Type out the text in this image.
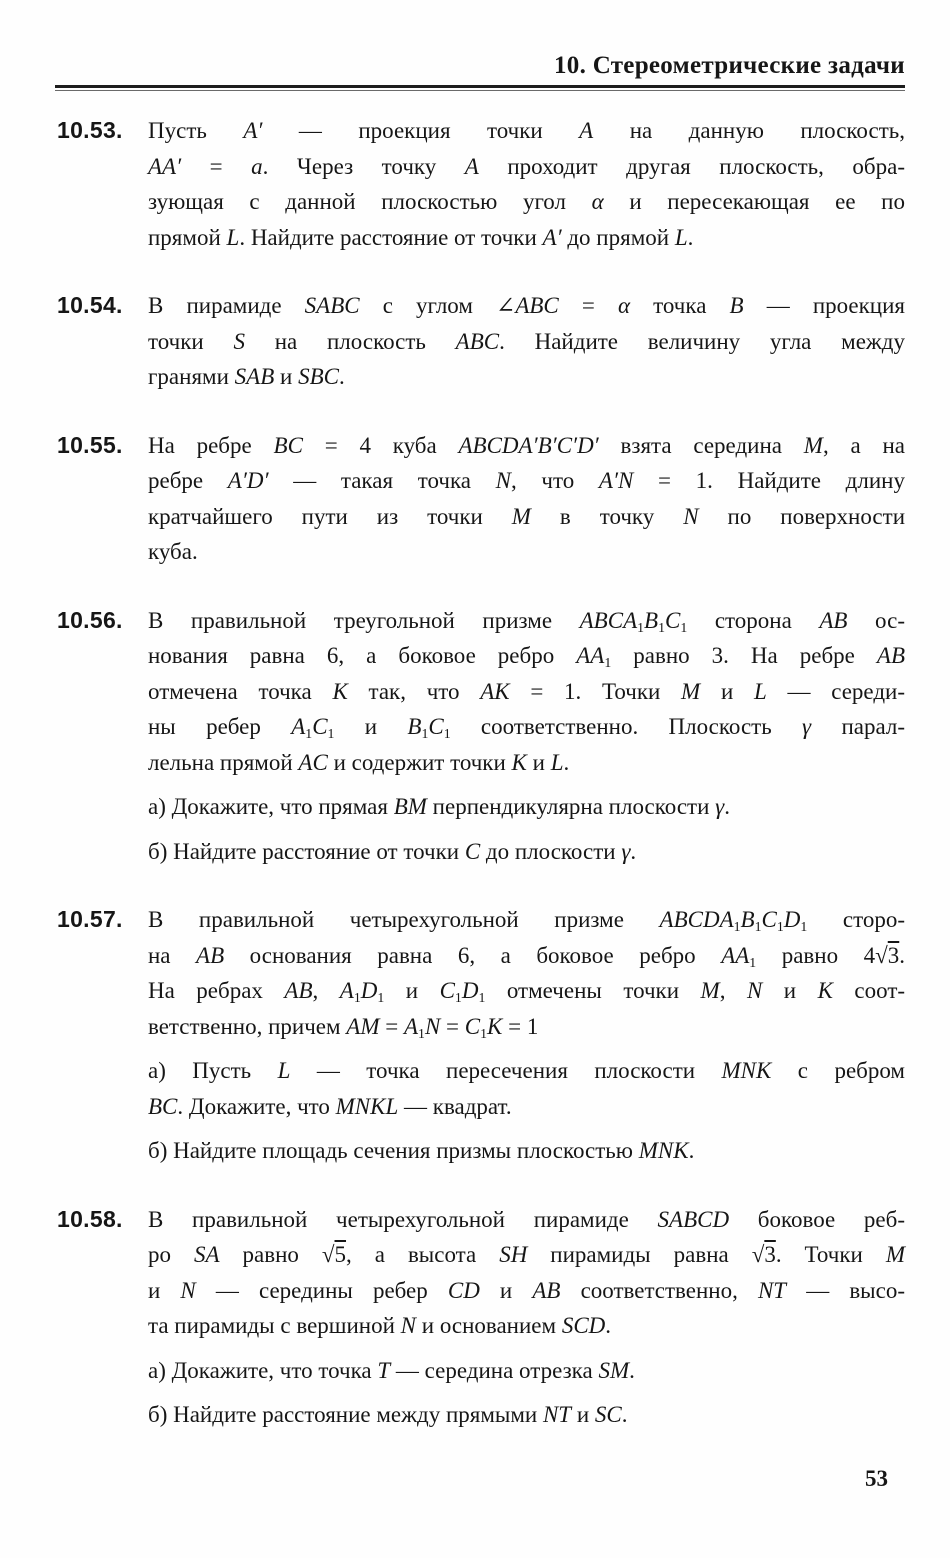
10. Стереометрические задачи
10.53. Пусть A′ — проекция точки A на данную плоскость,
AA′ = a. Через точку A проходит другая плоскость, обра-
зующая с данной плоскостью угол α и пересекающая ее по
прямой L. Найдите расстояние от точки A′ до прямой L.
10.54. В пирамиде SABC с углом ∠ABC = α точка B — проекция
точки S на плоскость ABC. Найдите величину угла между
гранями SAB и SBC.
10.55. На ребре BC = 4 куба ABCDA′B′C′D′ взята середина M, а на
ребре A′D′ — такая точка N, что A′N = 1. Найдите длину
кратчайшего пути из точки M в точку N по поверхности
куба.
10.56. В правильной треугольной призме $ABCA_1B_1C_1$ сторона AB ос-
нования равна 6, а боковое ребро $AA_1$ равно 3. На ребре AB
отмечена точка K так, что AK = 1. Точки M и L — середи-
ны ребер $A_1C_1$ и $B_1C_1$ соответственно. Плоскость γ парал-
лельна прямой AC и содержит точки K и L.
а) Докажите, что прямая BM перпендикулярна плоскости γ.
б) Найдите расстояние от точки C до плоскости γ.
10.57. В правильной четырехугольной призме $ABCDA_1B_1C_1D_1$ сторо-
на AB основания равна 6, а боковое ребро $AA_1$ равно 4√3.
На ребрах AB, $A_1D_1$ и $C_1D_1$ отмечены точки M, N и K соот-
ветственно, причем AM = $A_1N = C_1K = 1$
а) Пусть L — точка пересечения плоскости MNK с ребром
BC. Докажите, что MNKL — квадрат.
б) Найдите площадь сечения призмы плоскостью MNK.
10.58. В правильной четырехугольной пирамиде SABCD боковое реб-
ро SA равно √5, а высота SH пирамиды равна √3. Точки M
и N — середины ребер CD и AB соответственно, NT — высо-
та пирамиды с вершиной N и основанием SCD.
а) Докажите, что точка T — середина отрезка SM.
б) Найдите расстояние между прямыми NT и SC.
53
